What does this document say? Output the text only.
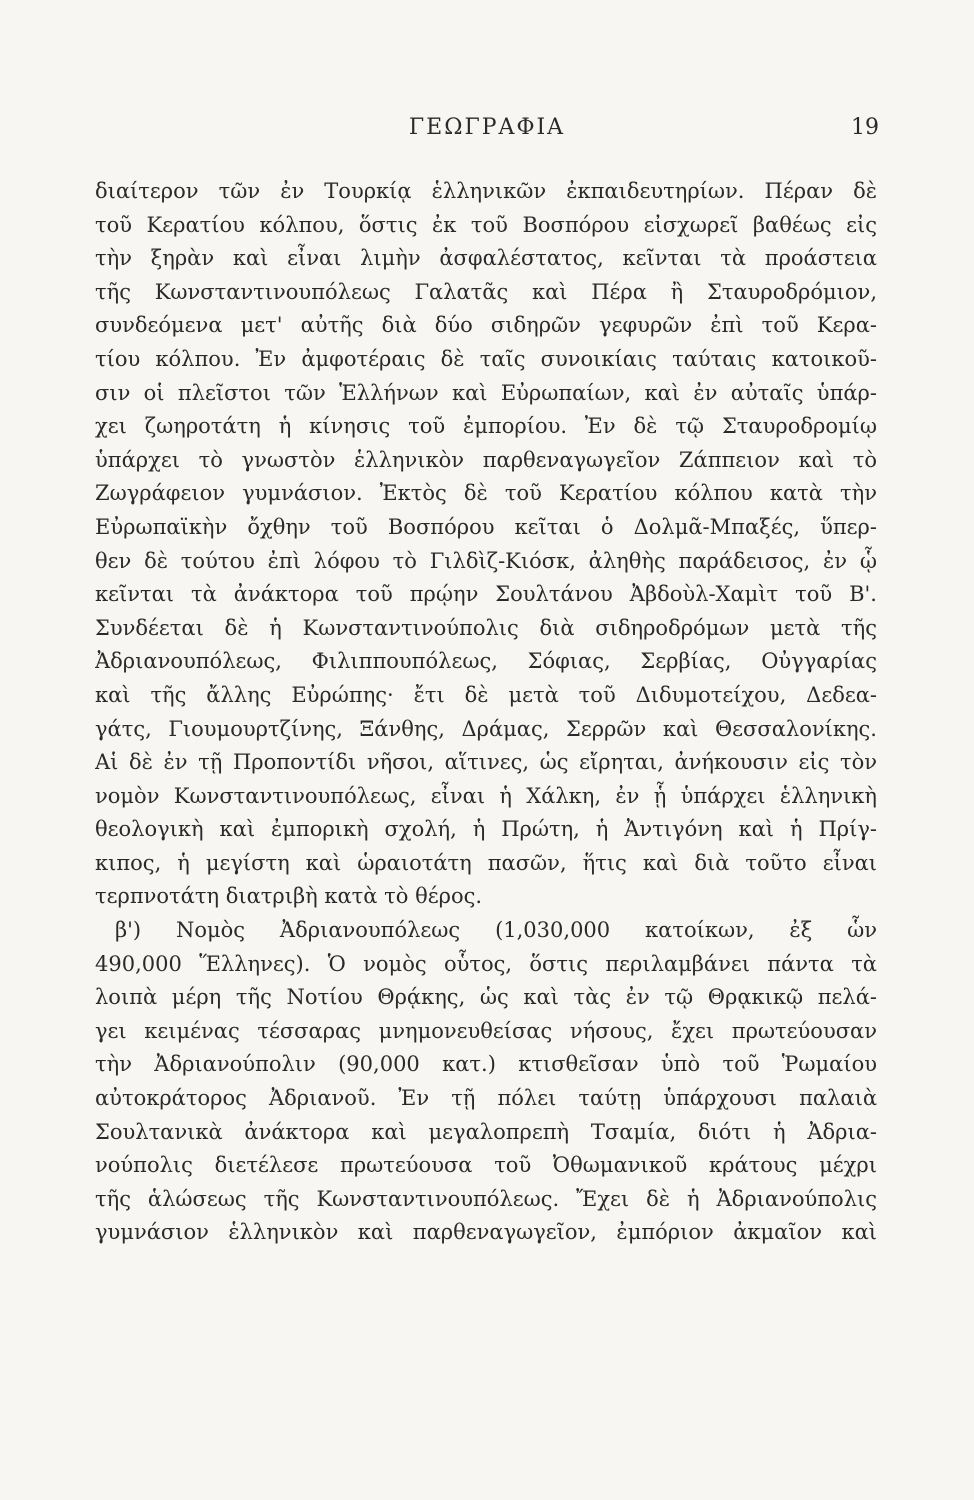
ΓΕΩΓΡΑΦΙΑ	19
διαίτερον τῶν ἐν Τουρκίᾳ ἑλληνικῶν ἐκπαιδευτηρίων. Πέραν δὲ
τοῦ Κερατίου κόλπου, ὅστις ἐκ τοῦ Βοσπόρου εἰσχωρεῖ βαθέως εἰς
τὴν ξηρὰν καὶ εἶναι λιμὴν ἀσφαλέστατος, κεῖνται τὰ προάστεια
τῆς Κωνσταντινουπόλεως Γαλατᾶς καὶ Πέρα ἢ Σταυροδρόμιον,
συνδεόμενα μετ' αὐτῆς διὰ δύο σιδηρῶν γεφυρῶν ἐπὶ τοῦ Κερα-
τίου κόλπου. Ἐν ἀμφοτέραις δὲ ταῖς συνοικίαις ταύταις κατοικοῦ-
σιν οἱ πλεῖστοι τῶν Ἑλλήνων καὶ Εὐρωπαίων, καὶ ἐν αὐταῖς ὑπάρ-
χει ζωηροτάτη ἡ κίνησις τοῦ ἐμπορίου. Ἐν δὲ τῷ Σταυροδρομίῳ
ὑπάρχει τὸ γνωστὸν ἑλληνικὸν παρθεναγωγεῖον Ζάππειον καὶ τὸ
Ζωγράφειον γυμνάσιον. Ἐκτὸς δὲ τοῦ Κερατίου κόλπου κατὰ τὴν
Εὐρωπαϊκὴν ὄχθην τοῦ Βοσπόρου κεῖται ὁ Δολμᾶ-Μπαξές, ὕπερ-
θεν δὲ τούτου ἐπὶ λόφου τὸ Γιλδὶζ-Κιόσκ, ἀληθὴς παράδεισος, ἐν ᾧ
κεῖνται τὰ ἀνάκτορα τοῦ πρῴην Σουλτάνου Ἀβδοὺλ-Χαμὶτ τοῦ Β'.
Συνδέεται δὲ ἡ Κωνσταντινούπολις διὰ σιδηροδρόμων μετὰ τῆς
Ἀδριανουπόλεως, Φιλιππουπόλεως, Σόφιας, Σερβίας, Οὐγγαρίας
καὶ τῆς ἄλλης Εὐρώπης· ἔτι δὲ μετὰ τοῦ Διδυμοτείχου, Δεδεα-
γάτς, Γιουμουρτζίνης, Ξάνθης, Δράμας, Σερρῶν καὶ Θεσσαλονίκης.
Αἱ δὲ ἐν τῇ Προποντίδι νῆσοι, αἵτινες, ὡς εἴρηται, ἀνήκουσιν εἰς τὸν
νομὸν Κωνσταντινουπόλεως, εἶναι ἡ Χάλκη, ἐν ᾗ ὑπάρχει ἑλληνικὴ
θεολογικὴ καὶ ἐμπορικὴ σχολή, ἡ Πρώτη, ἡ Ἀντιγόνη καὶ ἡ Πρίγ-
κιπος, ἡ μεγίστη καὶ ὡραιοτάτη πασῶν, ἥτις καὶ διὰ τοῦτο εἶναι
τερπνοτάτη διατριβὴ κατὰ τὸ θέρος.
β') Νομὸς Ἀδριανουπόλεως (1,030,000 κατοίκων, ἐξ ὧν
490,000 Ἕλληνες). Ὁ νομὸς οὗτος, ὅστις περιλαμβάνει πάντα τὰ
λοιπὰ μέρη τῆς Νοτίου Θρᾴκης, ὡς καὶ τὰς ἐν τῷ Θρᾳκικῷ πελά-
γει κειμένας τέσσαρας μνημονευθείσας νήσους, ἔχει πρωτεύουσαν
τὴν Ἀδριανούπολιν (90,000 κατ.) κτισθεῖσαν ὑπὸ τοῦ Ῥωμαίου
αὐτοκράτορος Ἀδριανοῦ. Ἐν τῇ πόλει ταύτῃ ὑπάρχουσι παλαιὰ
Σουλτανικὰ ἀνάκτορα καὶ μεγαλοπρεπὴ Τσαμία, διότι ἡ Ἀδρια-
νούπολις διετέλεσε πρωτεύουσα τοῦ Ὀθωμανικοῦ κράτους μέχρι
τῆς ἁλώσεως τῆς Κωνσταντινουπόλεως. Ἔχει δὲ ἡ Ἀδριανούπολις
γυμνάσιον ἑλληνικὸν καὶ παρθεναγωγεῖον, ἐμπόριον ἀκμαῖον καὶ
